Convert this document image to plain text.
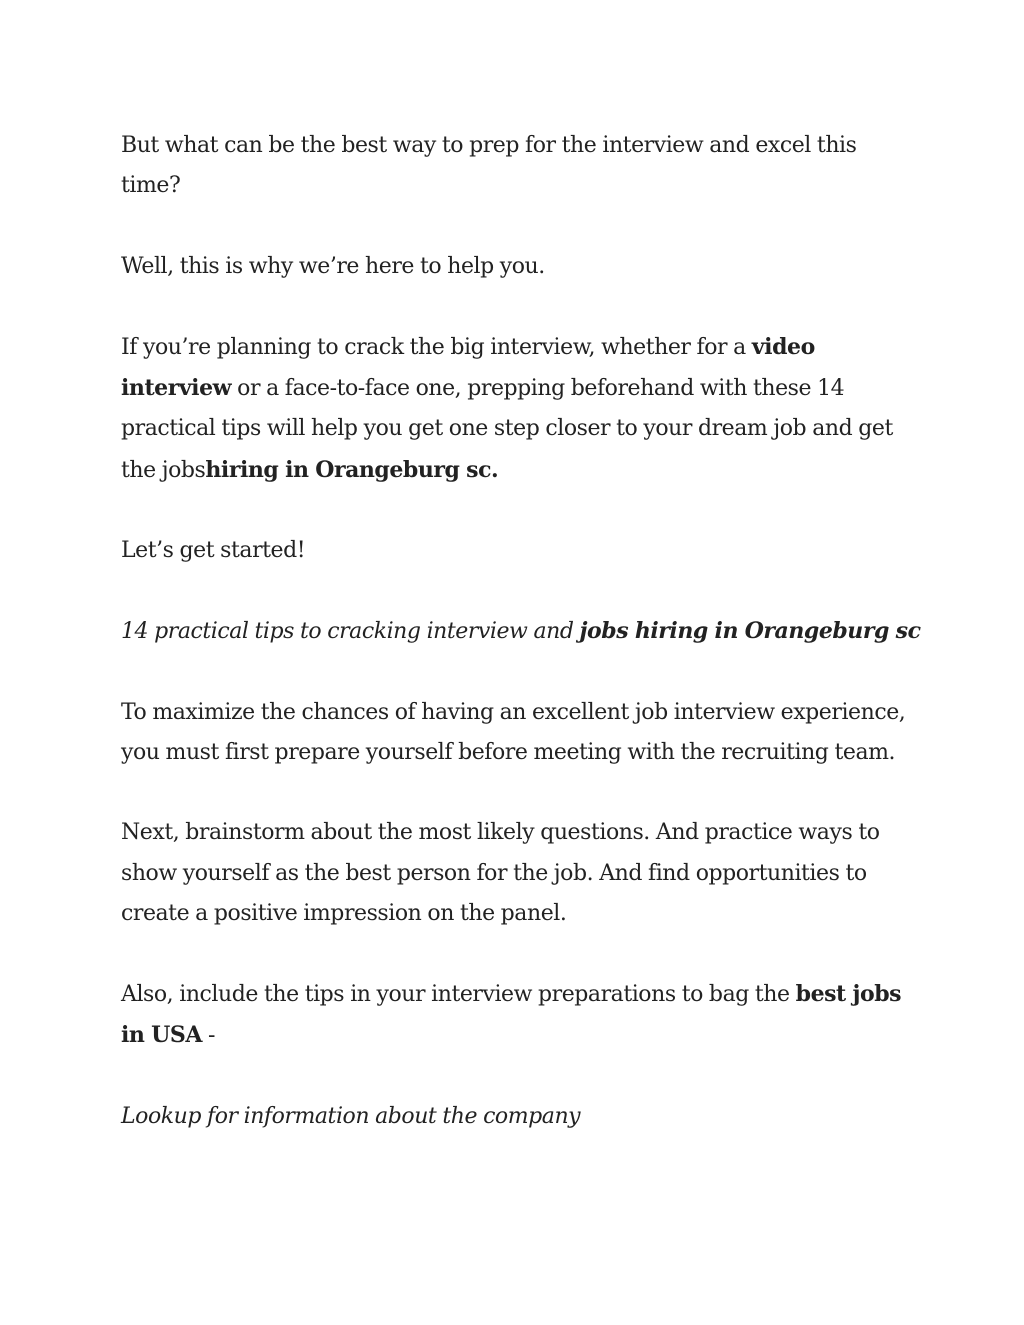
But what can be the best way to prep for the interview and excel this time?

Well, this is why we’re here to help you.

If you’re planning to crack the big interview, whether for a video interview or a face-to-face one, prepping beforehand with these 14 practical tips will help you get one step closer to your dream job and get the jobshiring in Orangeburg sc.

Let’s get started!

14 practical tips to cracking interview and jobs hiring in Orangeburg sc

To maximize the chances of having an excellent job interview experience, you must first prepare yourself before meeting with the recruiting team.

Next, brainstorm about the most likely questions. And practice ways to show yourself as the best person for the job. And find opportunities to create a positive impression on the panel.

Also, include the tips in your interview preparations to bag the best jobs in USA -

Lookup for information about the company
